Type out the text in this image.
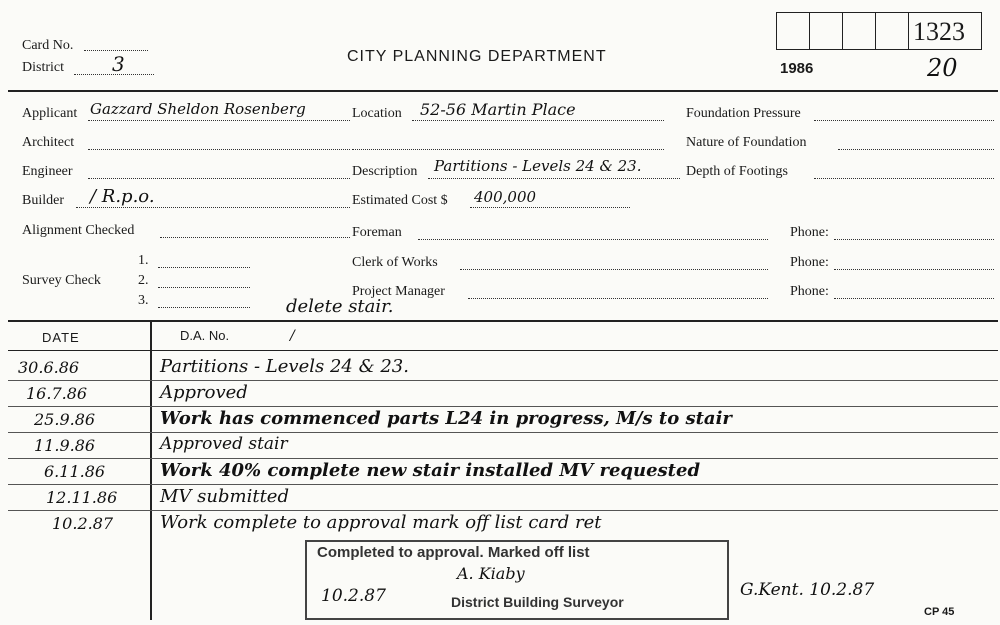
Card No.
District 3	CITY PLANNING DEPARTMENT
1323
1986	20
Applicant Gazzard Sheldon Rosenberg
Architect
Engineer
Builder / R.p.o.
Alignment Checked
Survey Check
1.
2.
3.
Location 52-56 Martin Place
Description Partitions - Levels 24 & 23.
Estimated Cost $ 400,000
Foreman
Clerk of Works
Project Manager
delete stair.
Foundation Pressure
Nature of Foundation
Depth of Footings
Phone:
Phone:
Phone:
DATE	D.A. No.	/
30.6.86	Partitions - Levels 24 & 23.
16.7.86	Approved
25.9.86	Work has commenced parts L24 in progress, M/s to stair
11.9.86	Approved stair
6.11.86	Work 40% complete new stair installed MV requested
12.11.86 MV submitted
10.2.87	Work complete to approval mark off list card ret
Completed to approval. Marked off list
A. Kiaby
10.2.87	District Building Surveyor
G.Kent. 10.2.87
CP 45
